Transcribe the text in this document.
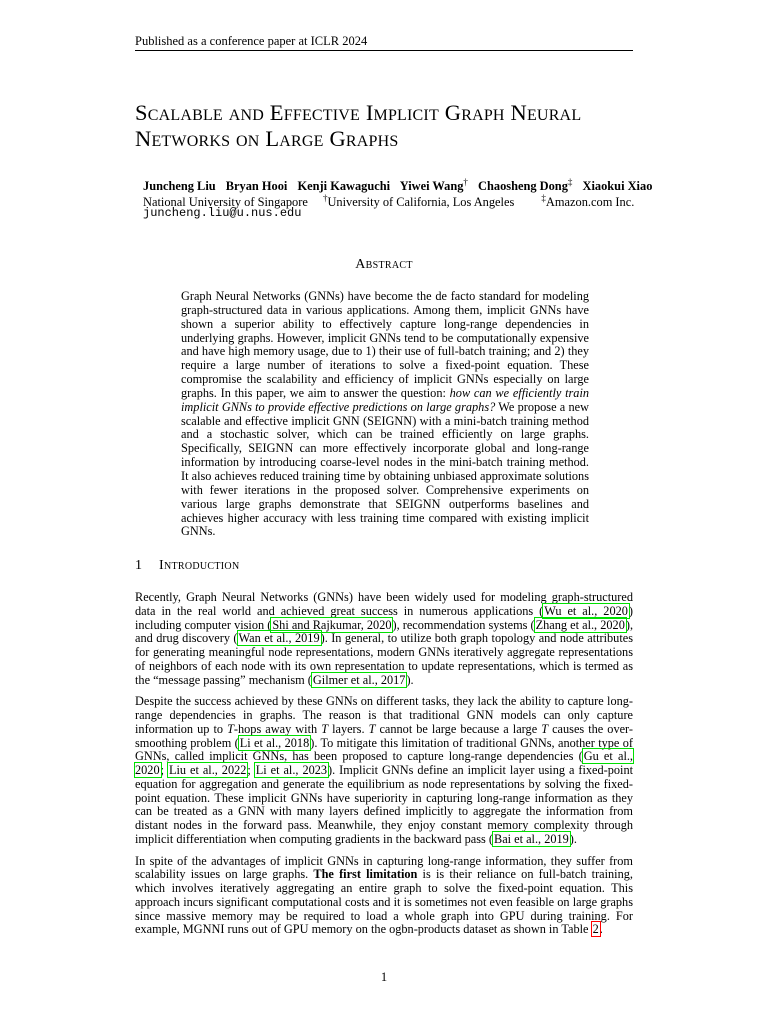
Published as a conference paper at ICLR 2024
Scalable and Effective Implicit Graph Neural
Networks on Large Graphs
Juncheng Liu Bryan Hooi Kenji Kawaguchi Yiwei Wang† Chaosheng Dong‡ Xiaokui Xiao
National University of Singapore †University of California, Los Angeles	‡Amazon.com Inc.
juncheng.liu@u.nus.edu
Abstract
Graph Neural Networks (GNNs) have become the de facto standard for modeling graph-structured data in various applications. Among them, implicit GNNs have shown a superior ability to effectively capture long-range dependencies in underlying graphs. However, implicit GNNs tend to be computationally expensive and have high memory usage, due to 1) their use of full-batch training; and 2) they require a large number of iterations to solve a fixed-point equation. These compromise the scalability and efficiency of implicit GNNs especially on large graphs. In this paper, we aim to answer the question: how can we efficiently train implicit GNNs to provide effective predictions on large graphs? We propose a new scalable and effective implicit GNN (SEIGNN) with a mini-batch training method and a stochastic solver, which can be trained efficiently on large graphs. Specifically, SEIGNN can more effectively incorporate global and long-range information by introducing coarse-level nodes in the mini-batch training method. It also achieves reduced training time by obtaining unbiased approximate solutions with fewer iterations in the proposed solver. Comprehensive experiments on various large graphs demonstrate that SEIGNN outperforms baselines and achieves higher accuracy with less training time compared with existing implicit GNNs.
1 Introduction

Recently, Graph Neural Networks (GNNs) have been widely used for modeling graph-structured data in the real world and achieved great success in numerous applications (Wu et al., 2020) including computer vision (Shi and Rajkumar, 2020), recommendation systems (Zhang et al., 2020), and drug discovery (Wan et al., 2019). In general, to utilize both graph topology and node attributes for generating meaningful node representations, modern GNNs iteratively aggregate representations of neighbors of each node with its own representation to update representations, which is termed as the “message passing” mechanism (Gilmer et al., 2017).

Despite the success achieved by these GNNs on different tasks, they lack the ability to capture long-range dependencies in graphs. The reason is that traditional GNN models can only capture information up to T-hops away with T layers. T cannot be large because a large T causes the over-smoothing problem (Li et al., 2018). To mitigate this limitation of traditional GNNs, another type of GNNs, called implicit GNNs, has been proposed to capture long-range dependencies (Gu et al., 2020; Liu et al., 2022; Li et al., 2023). Implicit GNNs define an implicit layer using a fixed-point equation for aggregation and generate the equilibrium as node representations by solving the fixed-point equation. These implicit GNNs have superiority in capturing long-range information as they can be treated as a GNN with many layers defined implicitly to aggregate the information from distant nodes in the forward pass. Meanwhile, they enjoy constant memory complexity through implicit differentiation when computing gradients in the backward pass (Bai et al., 2019).

In spite of the advantages of implicit GNNs in capturing long-range information, they suffer from scalability issues on large graphs. The first limitation is is their reliance on full-batch training, which involves iteratively aggregating an entire graph to solve the fixed-point equation. This approach incurs significant computational costs and it is sometimes not even feasible on large graphs since massive memory may be required to load a whole graph into GPU during training. For example, MGNNI runs out of GPU memory on the ogbn-products dataset as shown in Table 2.

1
